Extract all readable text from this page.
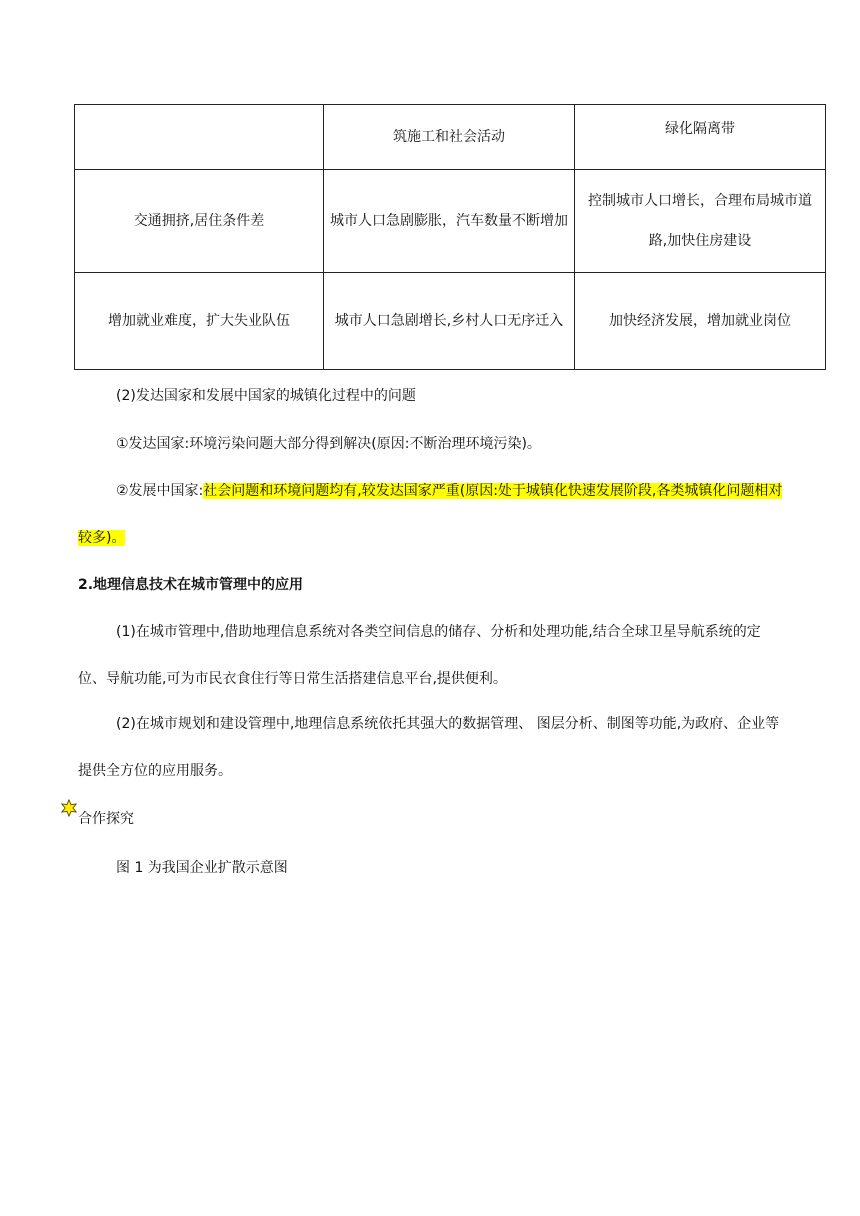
	筑施工和社会活动	绿化隔离带
交通拥挤,居住条件差	城市人口急剧膨胀，汽车数量不断增加	控制城市人口增长，合理布局城市道路,加快住房建设
增加就业难度，扩大失业队伍	城市人口急剧增长,乡村人口无序迁入	加快经济发展，增加就业岗位

(2)发达国家和发展中国家的城镇化过程中的问题

①发达国家:环境污染问题大部分得到解决(原因:不断治理环境污染)。

②发展中国家:社会问题和环境问题均有,较发达国家严重(原因:处于城镇化快速发展阶段,各类城镇化问题相对较多)。

2.地理信息技术在城市管理中的应用

(1)在城市管理中,借助地理信息系统对各类空间信息的储存、分析和处理功能,结合全球卫星导航系统的定位、导航功能,可为市民衣食住行等日常生活搭建信息平台,提供便利。

(2)在城市规划和建设管理中,地理信息系统依托其强大的数据管理、 图层分析、制图等功能,为政府、企业等提供全方位的应用服务。

合作探究

图 1 为我国企业扩散示意图
